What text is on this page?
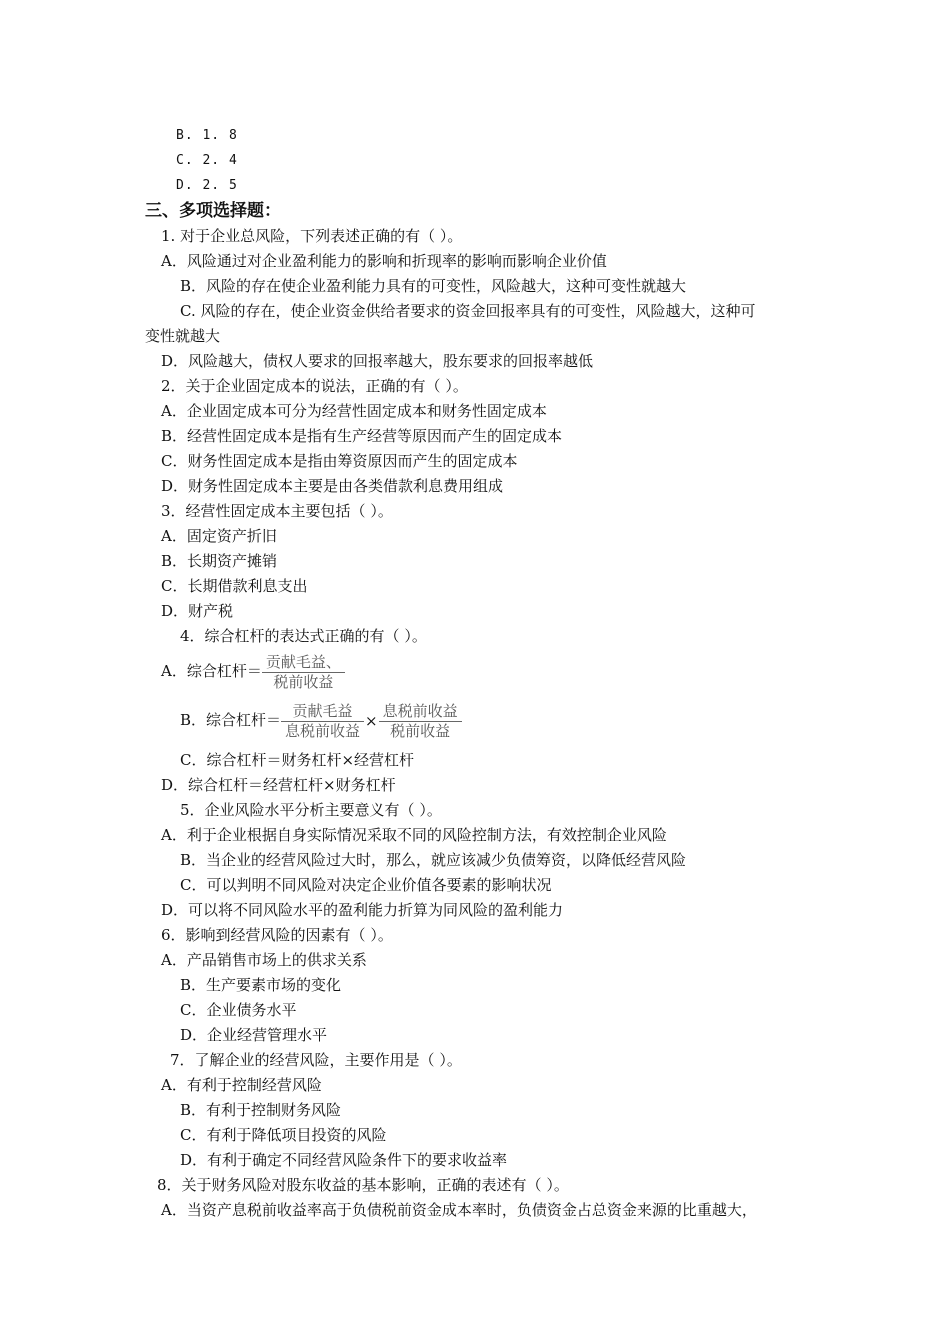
B. 1. 8
C. 2. 4
D. 2. 5
三、多项选择题：
1. 对于企业总风险，下列表述正确的有（ ）。
A．风险通过对企业盈利能力的影响和折现率的影响而影响企业价值
B．风险的存在使企业盈利能力具有的可变性，风险越大，这种可变性就越大
C. 风险的存在，使企业资金供给者要求的资金回报率具有的可变性，风险越大，这种可
变性就越大
D．风险越大，债权人要求的回报率越大，股东要求的回报率越低
2．关于企业固定成本的说法，正确的有（ ）。
A．企业固定成本可分为经营性固定成本和财务性固定成本
B．经营性固定成本是指有生产经营等原因而产生的固定成本
C．财务性固定成本是指由筹资原因而产生的固定成本
D．财务性固定成本主要是由各类借款利息费用组成
3．经营性固定成本主要包括（ ）。
A．固定资产折旧
B．长期资产摊销
C．长期借款利息支出
D．财产税
4．综合杠杆的表达式正确的有（ ）。
A．综合杠杆＝ $\frac{\text{贡献毛益、}}{\text{税前收益}}$
B．综合杠杆＝ $\frac{\text{贡献毛益}}{\text{息税前收益}} \times \frac{\text{息税前收益}}{\text{税前收益}}$
C．综合杠杆＝财务杠杆×经营杠杆
D．综合杠杆＝经营杠杆×财务杠杆
5．企业风险水平分析主要意义有（ ）。
A．利于企业根据自身实际情况采取不同的风险控制方法，有效控制企业风险
B．当企业的经营风险过大时，那么，就应该减少负债筹资，以降低经营风险
C．可以判明不同风险对决定企业价值各要素的影响状况
D．可以将不同风险水平的盈利能力折算为同风险的盈利能力
6．影响到经营风险的因素有（ ）。
A．产品销售市场上的供求关系
B．生产要素市场的变化
C．企业债务水平
D．企业经营管理水平
7．了解企业的经营风险，主要作用是（ ）。
A．有利于控制经营风险
B．有利于控制财务风险
C．有利于降低项目投资的风险
D．有利于确定不同经营风险条件下的要求收益率
8．关于财务风险对股东收益的基本影响，正确的表述有（ ）。
A．当资产息税前收益率高于负债税前资金成本率时，负债资金占总资金来源的比重越大，
